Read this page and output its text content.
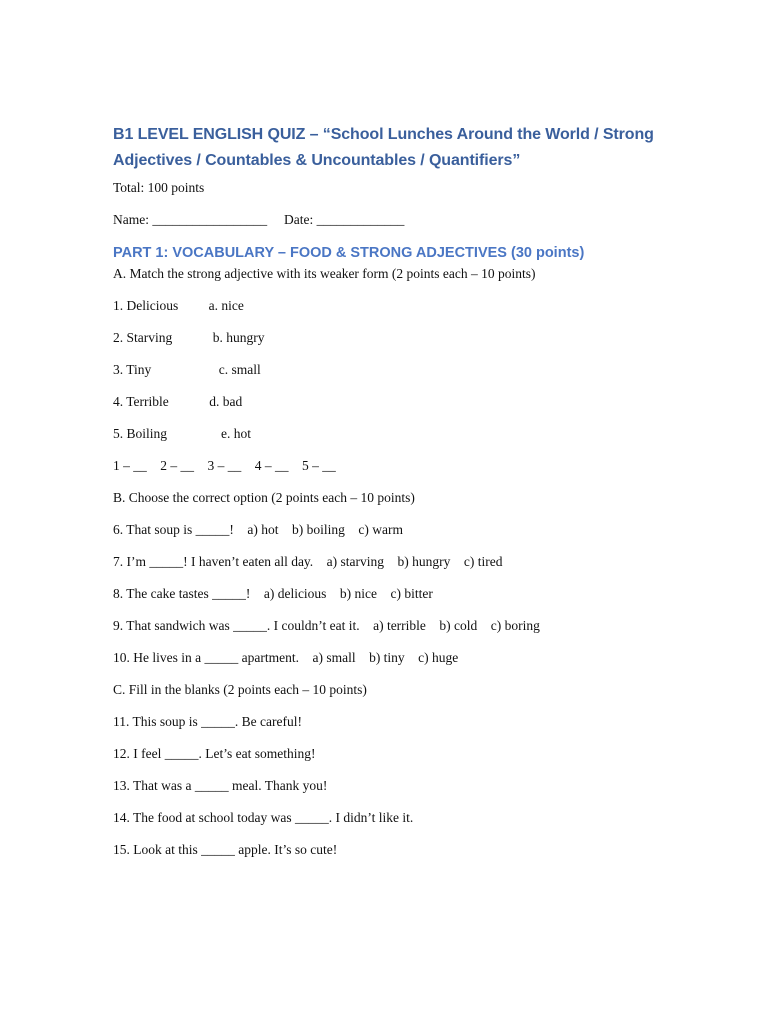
B1 LEVEL ENGLISH QUIZ – “School Lunches Around the World / Strong
Adjectives / Countables & Uncountables / Quantifiers”
Total: 100 points
Name: _________________     Date: _____________
PART 1: VOCABULARY – FOOD & STRONG ADJECTIVES (30 points)
A. Match the strong adjective with its weaker form (2 points each – 10 points)
1. Delicious         a. nice
2. Starving            b. hungry
3. Tiny                    c. small
4. Terrible            d. bad
5. Boiling                e. hot
1 – __    2 – __    3 – __    4 – __    5 – __
B. Choose the correct option (2 points each – 10 points)
6. That soup is _____!    a) hot    b) boiling    c) warm
7. I’m _____! I haven’t eaten all day.    a) starving    b) hungry    c) tired
8. The cake tastes _____!    a) delicious    b) nice    c) bitter
9. That sandwich was _____. I couldn’t eat it.    a) terrible    b) cold    c) boring
10. He lives in a _____ apartment.    a) small    b) tiny    c) huge
C. Fill in the blanks (2 points each – 10 points)
11. This soup is _____. Be careful!
12. I feel _____. Let’s eat something!
13. That was a _____ meal. Thank you!
14. The food at school today was _____. I didn’t like it.
15. Look at this _____ apple. It’s so cute!
